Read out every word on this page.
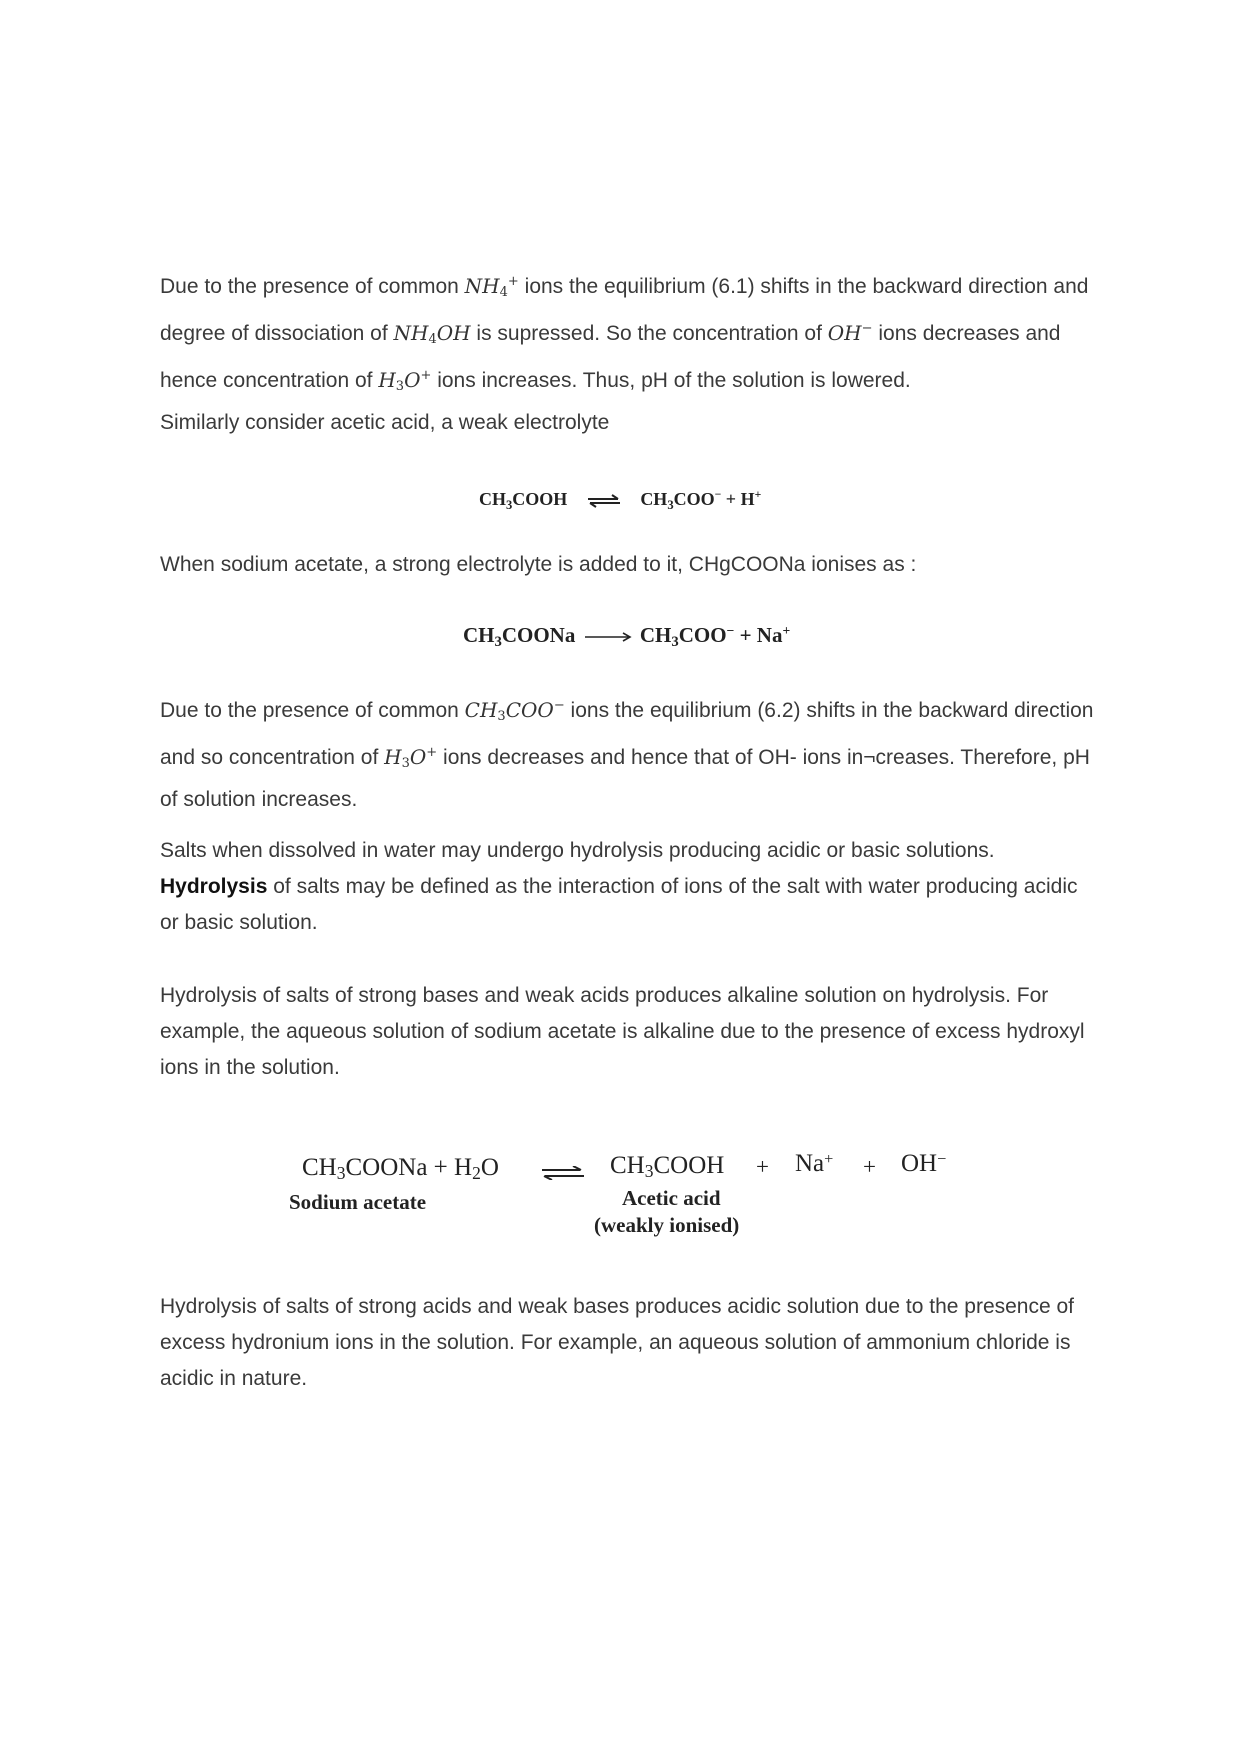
Due to the presence of common $NH_4^+$ ions the equilibrium (6.1) shifts in the backward direction and degree of dissociation of $NH_4OH$ is supressed. So the concentration of OH− ions decreases and hence concentration of $H_3O^+$ ions increases. Thus, pH of the solution is lowered.

Similarly consider acetic acid, a weak electrolyte

$CH_3COOH$ ⇌ $CH_3COO^- + H^+$

When sodium acetate, a strong electrolyte is added to it, CHgCOONa ionises as :

$CH_3COONa$	$CH_3COO^- + Na^+$

Due to the presence of common $CH_3COO^-$ ions the equilibrium (6.2) shifts in the backward direction and so concentration of $H_3O^+$ ions decreases and hence that of OH- ions in¬creases. Therefore, pH of solution increases.

Salts when dissolved in water may undergo hydrolysis producing acidic or basic solutions.

Hydrolysis of salts may be defined as the interaction of ions of the salt with water producing acidic or basic solution.

Hydrolysis of salts of strong bases and weak acids produces alkaline solution on hydrolysis. For example, the aqueous solution of sodium acetate is alkaline due to the presence of excess hydroxyl ions in the solution.

$CH_3COONa + H_2O$	⇌ $CH_3COOH + Na^+ + OH^-$
Sodium acetate	Acetic acid
(weakly ionised)

Hydrolysis of salts of strong acids and weak bases produces acidic solution due to the presence of excess hydronium ions in the solution. For example, an aqueous solution of ammonium chloride is acidic in nature.
